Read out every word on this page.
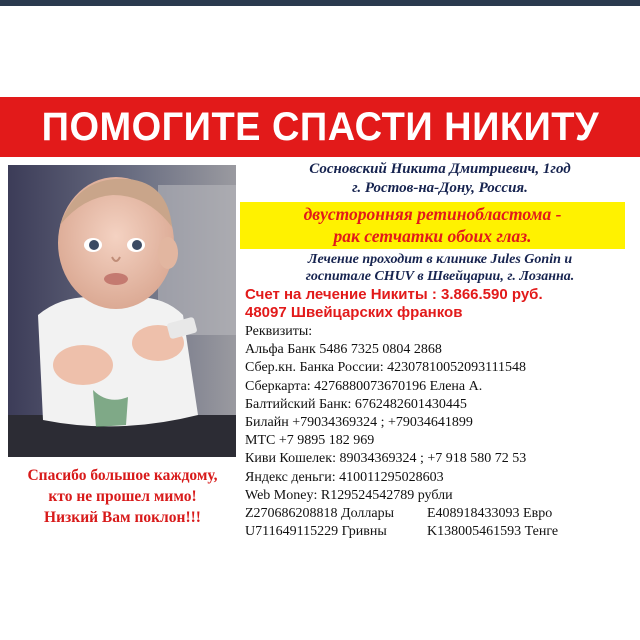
ПОМОГИТЕ СПАСТИ НИКИТУ
Спасибо большое каждому,
кто не прошел мимо!
Низкий Вам поклон!!!
Сосновский Никита Дмитриевич, 1год
г. Ростов-на-Дону, Россия.
двусторонняя ретинобластома -
рак сетчатки обоих глаз.
Лечение проходит в клинике Jules Gonin и
госпитале CHUV в Швейцарии, г. Лозанна.
Счет на лечение Никиты : 3.866.590 руб.
48097 Швейцарских франков
Реквизиты:
Альфа Банк 5486 7325 0804 2868
Сбер.кн. Банка России: 42307810052093111548
Сберкарта: 4276880073670196 Елена А.
Балтийский Банк: 6762482601430445
Билайн +79034369324 ; +79034641899
МТС +7 9895 182 969
Киви Кошелек: 89034369324 ; +7 918 580 72 53
Яндекс деньги: 410011295028603
Web Money: R129524542789 рубли
Z270686208818 Доллары	E408918433093 Евро
U711649115229 Гривны	K138005461593 Тенге
